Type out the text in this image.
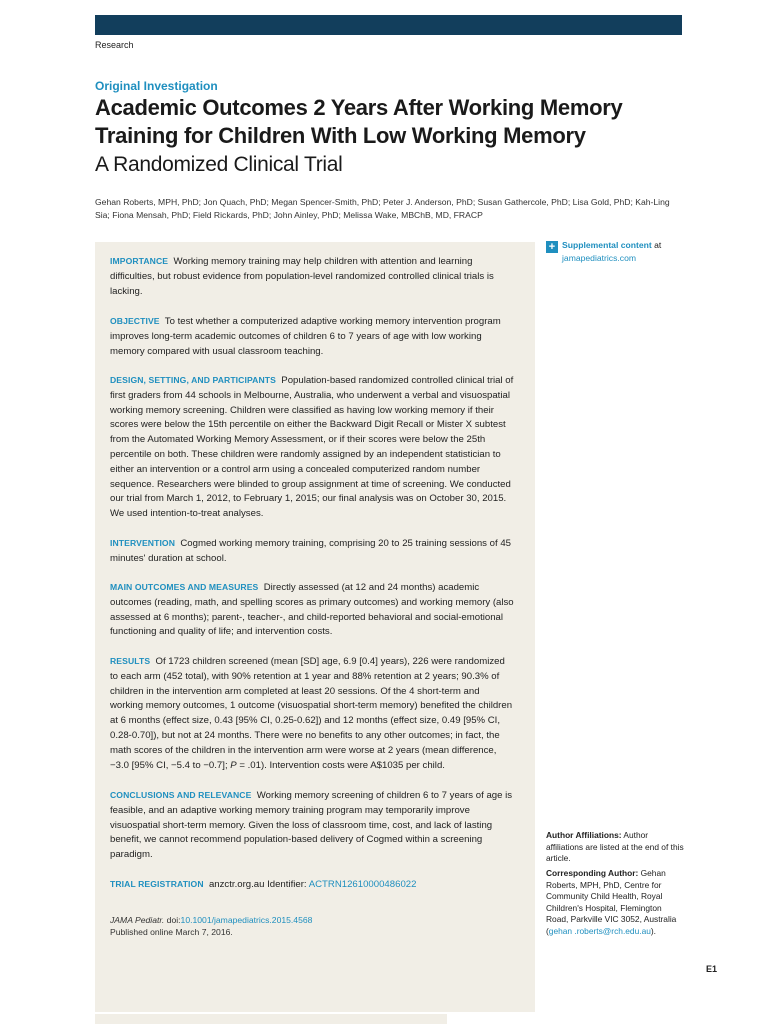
Research
Original Investigation
Academic Outcomes 2 Years After Working Memory Training for Children With Low Working Memory
A Randomized Clinical Trial
Gehan Roberts, MPH, PhD; Jon Quach, PhD; Megan Spencer-Smith, PhD; Peter J. Anderson, PhD; Susan Gathercole, PhD; Lisa Gold, PhD; Kah-Ling Sia; Fiona Mensah, PhD; Field Rickards, PhD; John Ainley, PhD; Melissa Wake, MBChB, MD, FRACP

IMPORTANCE Working memory training may help children with attention and learning difficulties, but robust evidence from population-level randomized controlled clinical trials is lacking.

OBJECTIVE To test whether a computerized adaptive working memory intervention program improves long-term academic outcomes of children 6 to 7 years of age with low working memory compared with usual classroom teaching.

DESIGN, SETTING, AND PARTICIPANTS Population-based randomized controlled clinical trial of first graders from 44 schools in Melbourne, Australia, who underwent a verbal and visuospatial working memory screening. Children were classified as having low working memory if their scores were below the 15th percentile on either the Backward Digit Recall or Mister X subtest from the Automated Working Memory Assessment, or if their scores were below the 25th percentile on both. These children were randomly assigned by an independent statistician to either an intervention or a control arm using a concealed computerized random number sequence. Researchers were blinded to group assignment at time of screening. We conducted our trial from March 1, 2012, to February 1, 2015; our final analysis was on October 30, 2015. We used intention-to-treat analyses.

INTERVENTION Cogmed working memory training, comprising 20 to 25 training sessions of 45 minutes' duration at school.

MAIN OUTCOMES AND MEASURES Directly assessed (at 12 and 24 months) academic outcomes (reading, math, and spelling scores as primary outcomes) and working memory (also assessed at 6 months); parent-, teacher-, and child-reported behavioral and social-emotional functioning and quality of life; and intervention costs.

RESULTS Of 1723 children screened (mean [SD] age, 6.9 [0.4] years), 226 were randomized to each arm (452 total), with 90% retention at 1 year and 88% retention at 2 years; 90.3% of children in the intervention arm completed at least 20 sessions. Of the 4 short-term and working memory outcomes, 1 outcome (visuospatial short-term memory) benefited the children at 6 months (effect size, 0.43 [95% CI, 0.25-0.62]) and 12 months (effect size, 0.49 [95% CI, 0.28-0.70]), but not at 24 months. There were no benefits to any other outcomes; in fact, the math scores of the children in the intervention arm were worse at 2 years (mean difference, −3.0 [95% CI, −5.4 to −0.7]; P = .01). Intervention costs were A$1035 per child.

CONCLUSIONS AND RELEVANCE Working memory screening of children 6 to 7 years of age is feasible, and an adaptive working memory training program may temporarily improve visuospatial short-term memory. Given the loss of classroom time, cost, and lack of lasting benefit, we cannot recommend population-based delivery of Cogmed within a screening paradigm.

TRIAL REGISTRATION anzctr.org.au Identifier: ACTRN12610000486022

JAMA Pediatr. doi:10.1001/jamapediatrics.2015.4568
Published online March 7, 2016.
+ Supplemental content at
jamapediatrics.com
Author Affiliations: Author affiliations are listed at the end of this article.
Corresponding Author: Gehan Roberts, MPH, PhD, Centre for Community Child Health, Royal Children's Hospital, Flemington Road, Parkville VIC 3052, Australia (gehan .roberts@rch.edu.au).
E1
